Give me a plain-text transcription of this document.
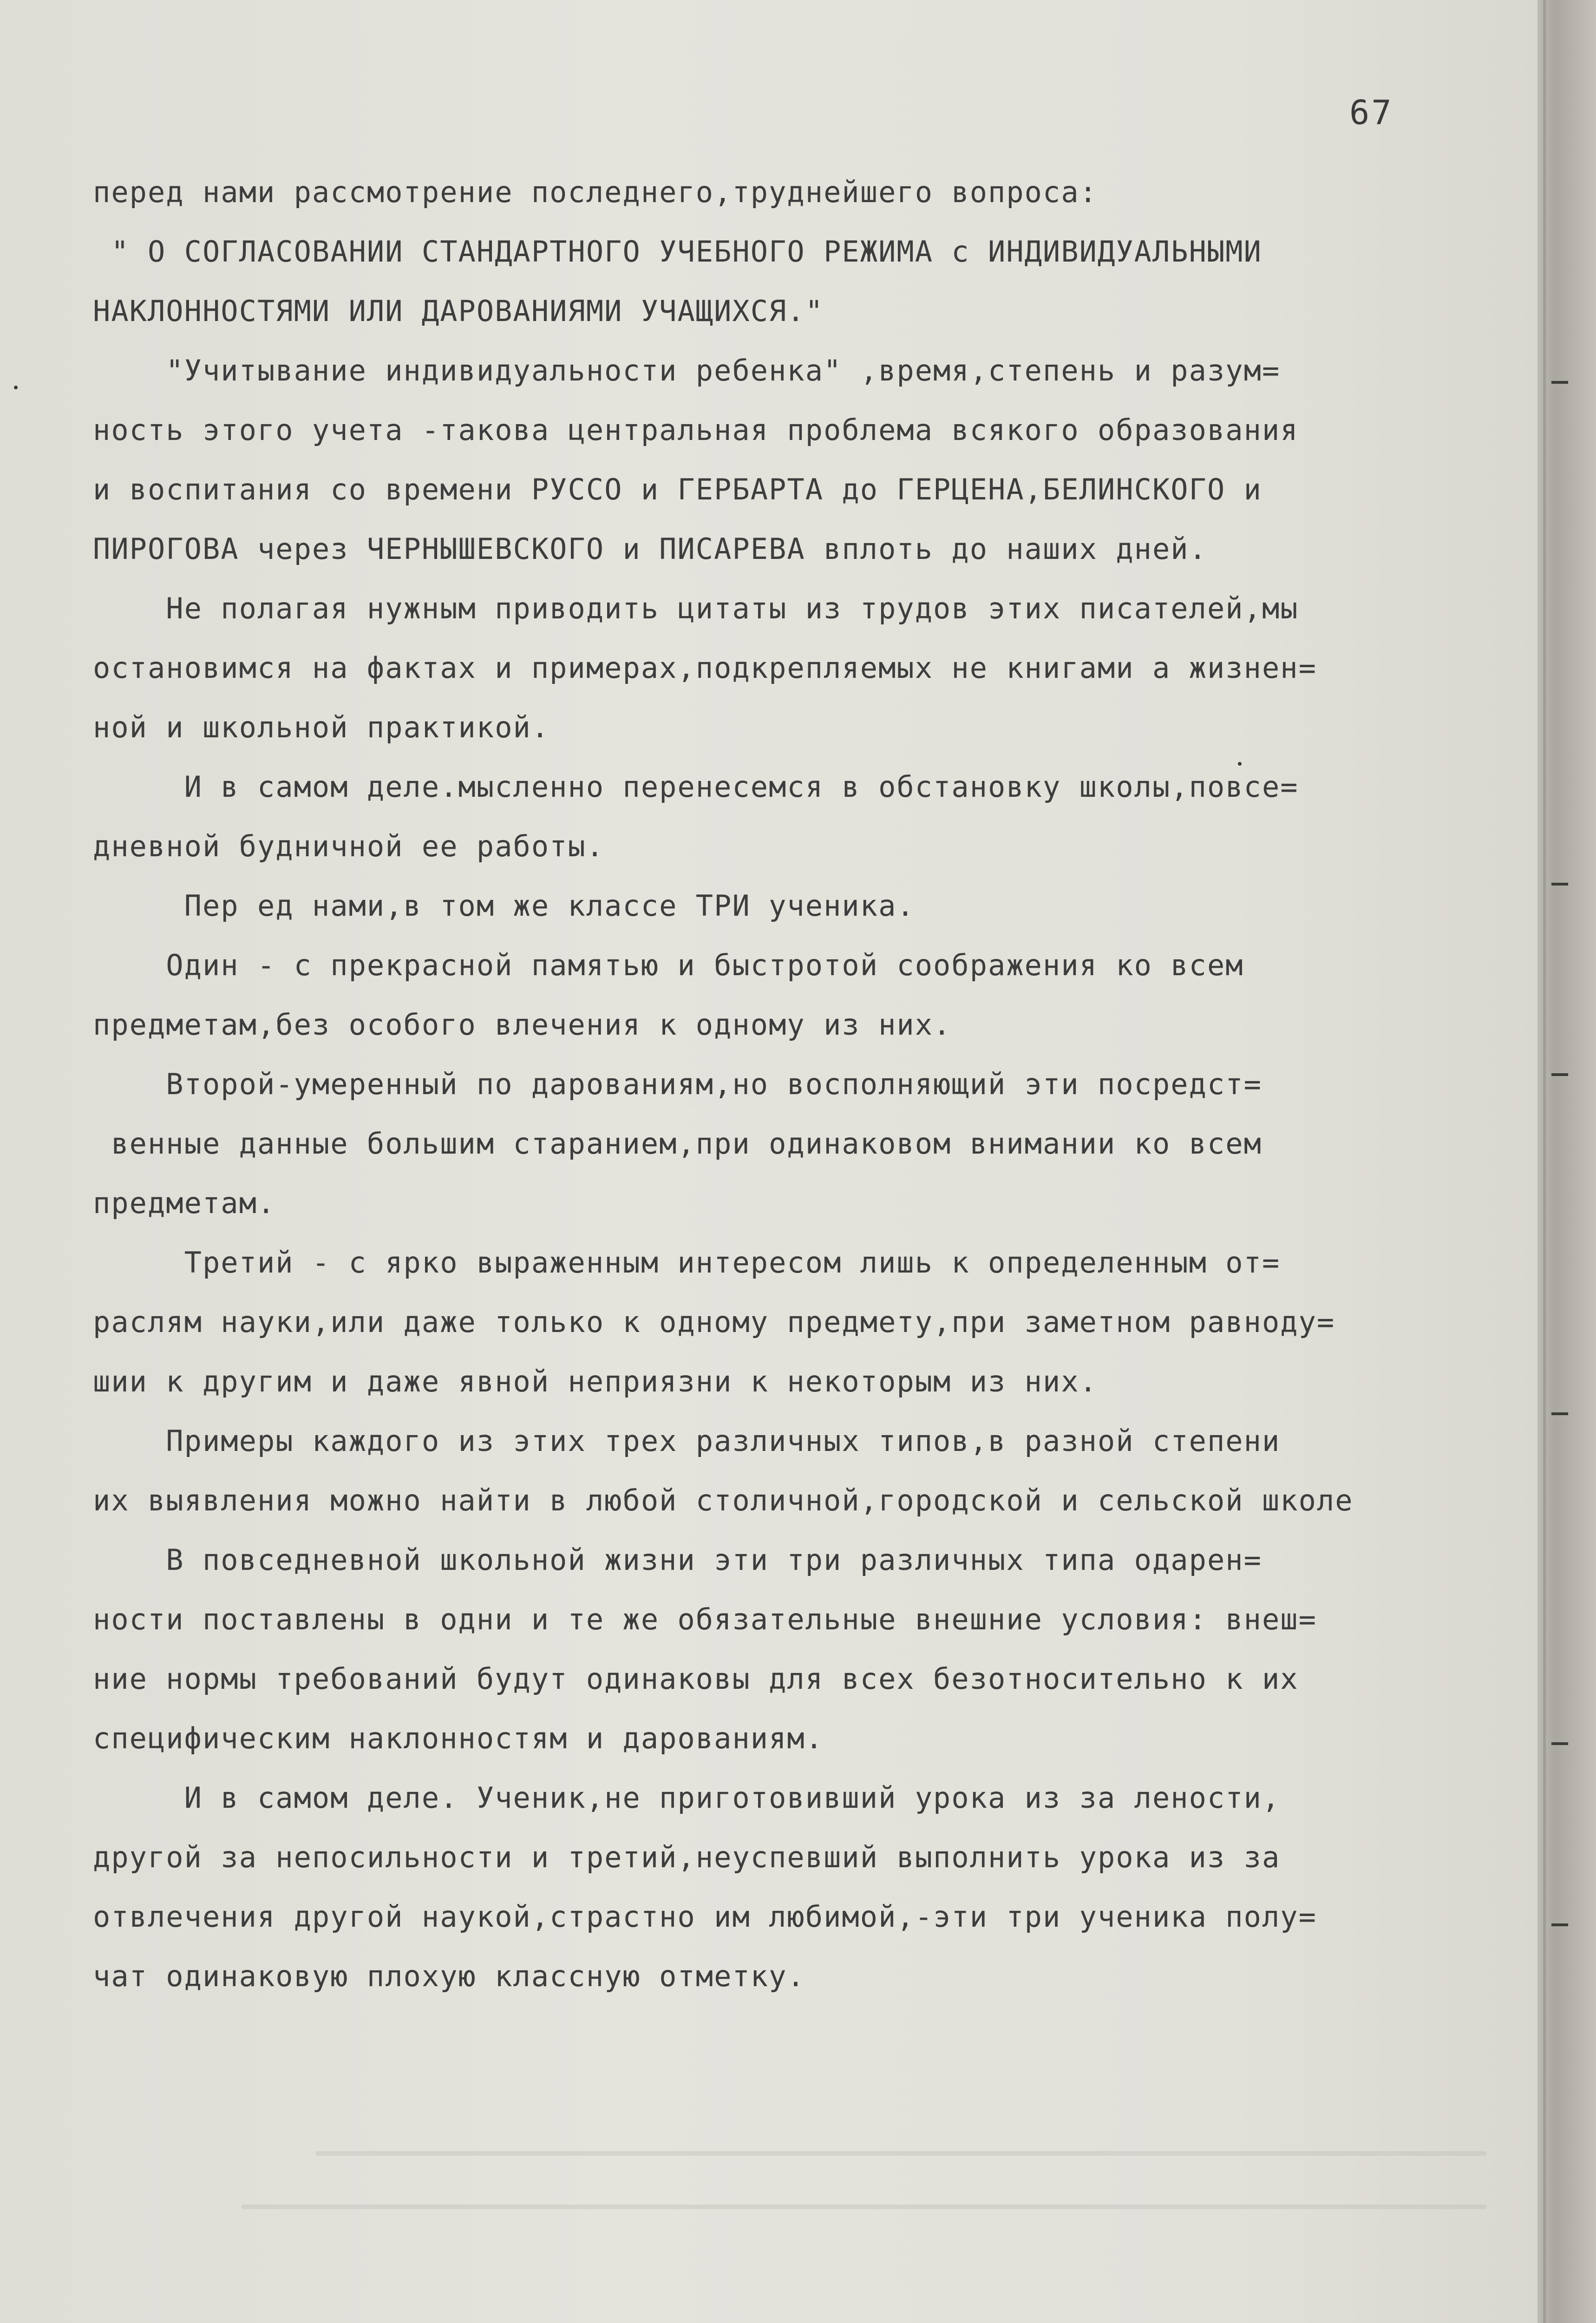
67
перед нами рассмотрение последнего,труднейшего вопроса:
" О СОГЛАСОВАНИИ СТАНДАРТНОГО УЧЕБНОГО РЕЖИМА с ИНДИВИДУАЛЬНЫМИ
НАКЛОННОСТЯМИ ИЛИ ДАРОВАНИЯМИ УЧАЩИХСЯ."
"Учитывание индивидуальности ребенка" ,время,степень и разум=
ность этого учета -такова центральная проблема всякого образования
и воспитания со времени РУССО и ГЕРБАРТА до ГЕРЦЕНА,БЕЛИНСКОГО и
ПИРОГОВА через ЧЕРНЫШЕВСКОГО и ПИСАРЕВА вплоть до наших дней.
Не полагая нужным приводить цитаты из трудов этих писателей,мы
остановимся на фактах и примерах,подкрепляемых не книгами а жизнен=
ной и школьной практикой.
И в самом деле.мысленно перенесемся в обстановку школы,повсе=
дневной будничной ее работы.
Пер ед нами,в том же классе ТРИ ученика.
Один - с прекрасной памятью и быстротой соображения ко всем
предметам,без особого влечения к одному из них.
Второй-умеренный по дарованиям,но восполняющий эти посредст=
венные данные большим старанием,при одинаковом внимании ко всем
предметам.
Третий - с ярко выраженным интересом лишь к определенным от=
раслям науки,или даже только к одному предмету,при заметном равноду=
шии к другим и даже явной неприязни к некоторым из них.
Примеры каждого из этих трех различных типов,в разной степени
их выявления можно найти в любой столичной,городской и сельской школе
В повседневной школьной жизни эти три различных типа одарен=
ности поставлены в одни и те же обязательные внешние условия: внеш=
ние нормы требований будут одинаковы для всех безотносительно к их
специфическим наклонностям и дарованиям.
И в самом деле. Ученик,не приготовивший урока из за лености,
другой за непосильности и третий,неуспевший выполнить урока из за
отвлечения другой наукой,страстно им любимой,-эти три ученика полу=
чат одинаковую плохую классную отметку.
